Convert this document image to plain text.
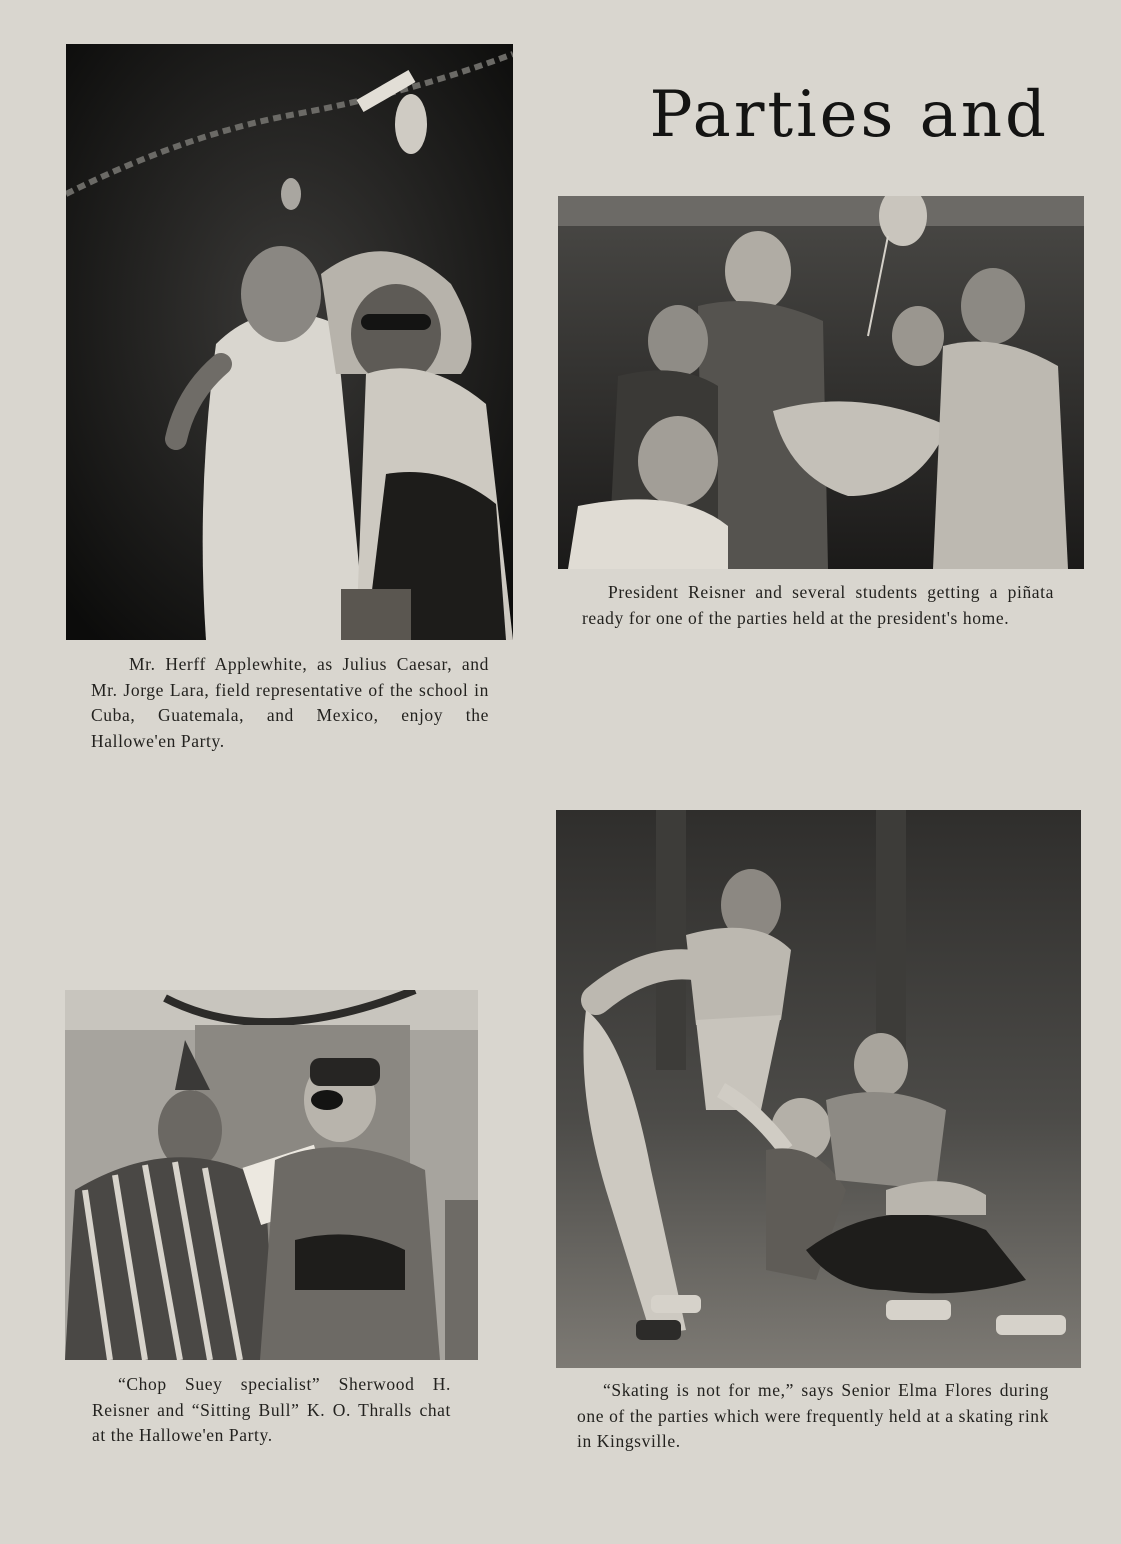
Parties and
Mr. Herff Applewhite, as Julius Caesar, and Mr. Jorge Lara, field representative of the school in Cuba, Guatemala, and Mexico, enjoy the Hallowe'en Party.
President Reisner and several students getting a piñata ready for one of the parties held at the president's home.
“Chop Suey specialist” Sherwood H. Reisner and “Sitting Bull” K. O. Thralls chat at the Hallowe'en Party.
“Skating is not for me,” says Senior Elma Flores during one of the parties which were frequently held at a skating rink in Kingsville.
